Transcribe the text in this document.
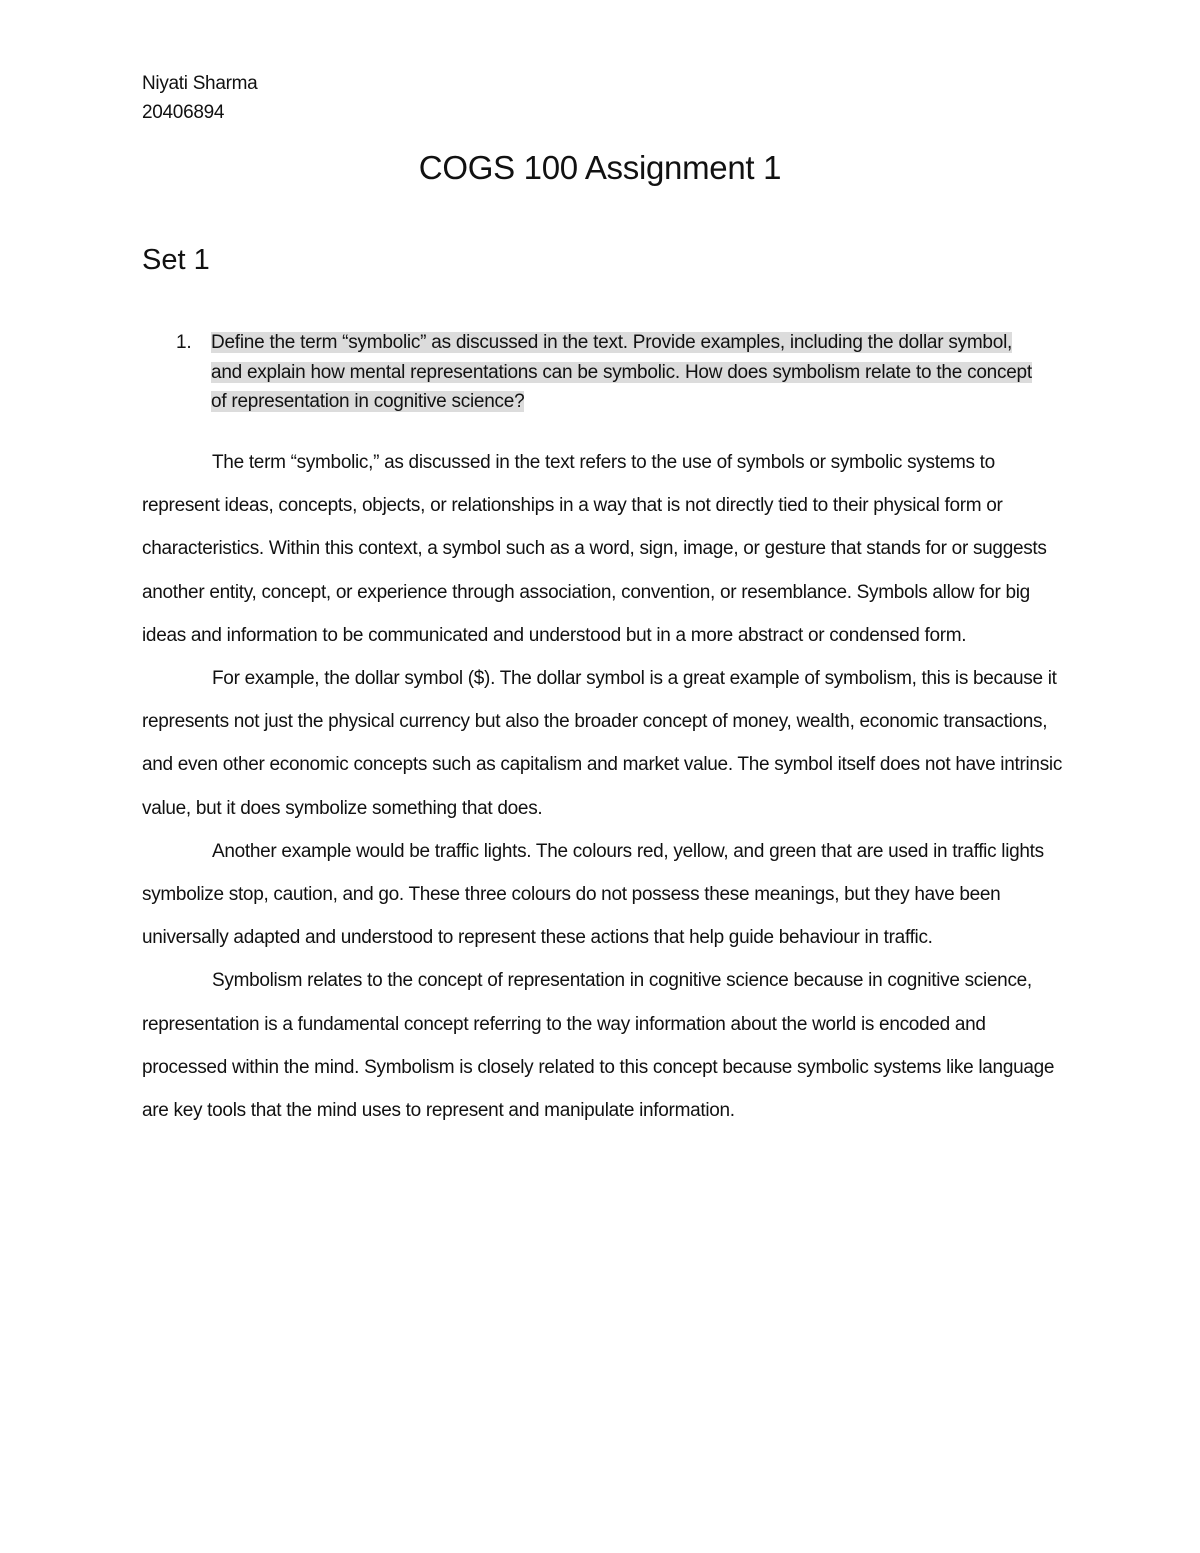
Niyati Sharma
20406894
COGS 100 Assignment 1
Set 1
1. Define the term “symbolic” as discussed in the text. Provide examples, including the dollar symbol, and explain how mental representations can be symbolic. How does symbolism relate to the concept of representation in cognitive science?

The term “symbolic,” as discussed in the text refers to the use of symbols or symbolic systems to represent ideas, concepts, objects, or relationships in a way that is not directly tied to their physical form or characteristics. Within this context, a symbol such as a word, sign, image, or gesture that stands for or suggests another entity, concept, or experience through association, convention, or resemblance. Symbols allow for big ideas and information to be communicated and understood but in a more abstract or condensed form.

For example, the dollar symbol ($). The dollar symbol is a great example of symbolism, this is because it represents not just the physical currency but also the broader concept of money, wealth, economic transactions, and even other economic concepts such as capitalism and market value. The symbol itself does not have intrinsic value, but it does symbolize something that does.

Another example would be traffic lights. The colours red, yellow, and green that are used in traffic lights symbolize stop, caution, and go. These three colours do not possess these meanings, but they have been universally adapted and understood to represent these actions that help guide behaviour in traffic.

Symbolism relates to the concept of representation in cognitive science because in cognitive science, representation is a fundamental concept referring to the way information about the world is encoded and processed within the mind. Symbolism is closely related to this concept because symbolic systems like language are key tools that the mind uses to represent and manipulate information.
